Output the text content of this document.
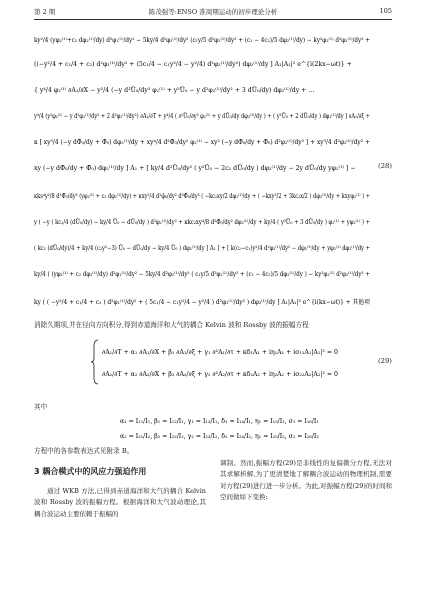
第 2 期	陈茂强等:ENSO 准周期运动的初步理论分析	105
ky²/4 (yφ₂⁽¹⁾+c₂ dφ₂⁽¹⁾/dy) d²φ₁⁽¹⁾/dy² − 5ky/4 d²φ₂⁽¹⁾/dy² (c₁y/5 d²φ₂⁽¹⁾/dy² + (c₁ − 4c₂)/5 dφ₂⁽¹⁾/dy) − ky²φ₂⁽¹⁾ d²φ₂⁽¹⁾/dy² +
((−y²/4 + c₁/4 + c₂) d²φ₁⁽¹⁾/dy² + (5c₁/4 − c₁y²/4 − y²/4) d²φ₂⁽¹⁾/dy²) dφ₂⁽¹⁾/dy ] A₁|A₁|² e^{i(2kx−ωt)} +
{ y⁴/4 φ₂⁽¹⁾ ∂A₁/∂X − y²/4 (−y d²Ū₀/dy² φ₂⁽¹⁾ + y²Ū₀ − y d²φ₂⁽¹⁾/dy² + 3 dŪ₀/dy) dφ₂⁽¹⁾/dy + …
y⁴/4 (y²φ₂⁽¹⁾ − y d²φ₂⁽¹⁾/dy² + 2 d²φ₂⁽¹⁾/dy²) ∂A₁/∂T + y⁴/4 ( ∂²Ū₀/∂y² φ₂⁽¹⁾ + y dŪ₀/dy dφ₂⁽¹⁾/dy ) + ( y²Ū₀ + 2 dŪ₀/dy ) dφ₂⁽¹⁾/dy ] ∂A₁/∂ξ +
κ [ xy³/4 (−y dΦ̄₀/dy + Φ̄₀) dφ₂⁽¹⁾/dy + xy⁴/4 d²Φ̄₀/dy² φ₂⁽¹⁾ − xy² (−y dΦ̄₀/dy + Φ̄₀) d²φ₂⁽¹⁾/dy² ] + xy³/4 d²φ₂⁽¹⁾/dy² +
xy (−y dΦ̄₀/dy + Φ̄₀) dφ₂⁽¹⁾/dy ] A₁ + [ ky/4 d²Ū₀/dy² ( y²Ū₀ − 2c₂ dŪ₀/dy ) dφ₂⁽¹⁾/dy − 2y dŪ₀/dy yφ₂⁽¹⁾ ] −	(28)
κks⁴y²/8 d³Φ̄₀/dy³ (yφ₂⁽¹⁾ + c₂ dφ₂⁽¹⁾/dy) + κxy²/4 d²φ̄₀/dy² d³Φ̄₀/dy³ ( −kc₂xy/2 dφ₂⁽¹⁾/dy + ( −kxy²/2 + 3kc₂x/2 ) dφ₂⁽¹⁾/dy + kxyφ₂⁽¹⁾ ) +
y ( −y ( kc₂/4 (dŪ₀/dy) − ky/4 Ū₀ − dŪ₀/dy ) d²φ₂⁽¹⁾/dy² + κkc₂xy⁴/8 d²Φ̄₀/dy² dφ₂⁽¹⁾/dy + ky/4 ( y²Ū₀ + 3 dŪ₀/dy ) φ₂⁽¹⁾ + yφ₂⁽¹⁾ ) +
( kc₂ (dŪ₀/dy)/4 + ky/4 (c₂y²−3) Ū₀ − dŪ₀/dy − ky/4 Ū₀ ) dφ₂⁽¹⁾/dy ] A₁ ] + [ k(c₂−c₁)y²/4 d²φ₂⁽¹⁾/dy² − dφ₂⁽¹⁾/dy + yφ₂⁽¹⁾ dφ₂⁽¹⁾/dy +
ky/4 ( (yφ₂⁽¹⁾ + c₂ dφ₂⁽¹⁾/dy) d²φ₁⁽¹⁾/dy² − 5ky/4 d²φ₂⁽¹⁾/dy² ( c₁y/5 d²φ₂⁽¹⁾/dy² + (c₁ − 4c₂)/5 dφ₂⁽¹⁾/dy ) − ky²φ₂⁽¹⁾ d²φ₂⁽¹⁾/dy² +
ky ( ( −y²/4 + c₁/4 + c₂ ) d²φ₁⁽¹⁾/dy² + ( 5c₁/4 − c₁y²/4 − y²/4 ) d²φ₂⁽¹⁾/dy² ) dφ₂⁽¹⁾/dy ] A₁|A₁|² e^{i(kx−ωt)} + 其他项
消除久期项,并在径向方向积分,得到赤道海洋和大气的耦合 Kelvin 波和 Rossby 波的振幅方程
∂A₁/∂T + α₁ ∂A₁/∂X + β₁ ∂A₁/∂ξ + γ₁ ∂²A₁/∂τ + κδ₁A₁ + iη₁A₁ + iσ₁₁A₁|A₁|² = 0
∂A₂/∂T + α₂ ∂A₂/∂X + β₂ ∂A₂/∂ξ + γ₂ ∂²A₂/∂τ + κδ₂A₂ + iη₂A₂ + iσ₂₂A₂|A₂|² = 0
(29)
其中
α₁ = I₁₁/I₁, β₁ = I₁₂/I₁, γ₁ = I₁₃/I₁, δ₁ = I₁₄/I₁, η₁ = I₁₅/I₁, σ₁ = I₁₆/I₁
α₂ = I₂₁/I₂, β₂ = I₂₂/I₂, γ₂ = I₂₃/I₂, δ₂ = I₂₄/I₂, η₂ = I₂₅/I₂, σ₂ = I₂₆/I₂
方程中的各参数表达式见附录 B。
3 耦合模式中的风应力强迫作用

通过 WKB 方法,已得到赤道海洋和大气的耦合 Kelvin 波和 Rossby 波的振幅方程。根据海洋和大气波动理论,其耦合波运动主要依赖于振幅的

调制。然而,振幅方程(29)是非线性的复偏微分方程,无法对其求解析解,为了更清楚地了解耦合波运动的物理机制,需要对方程(29)进行进一步分析。为此,对振幅方程(29)的时间和空间做如下变换:
